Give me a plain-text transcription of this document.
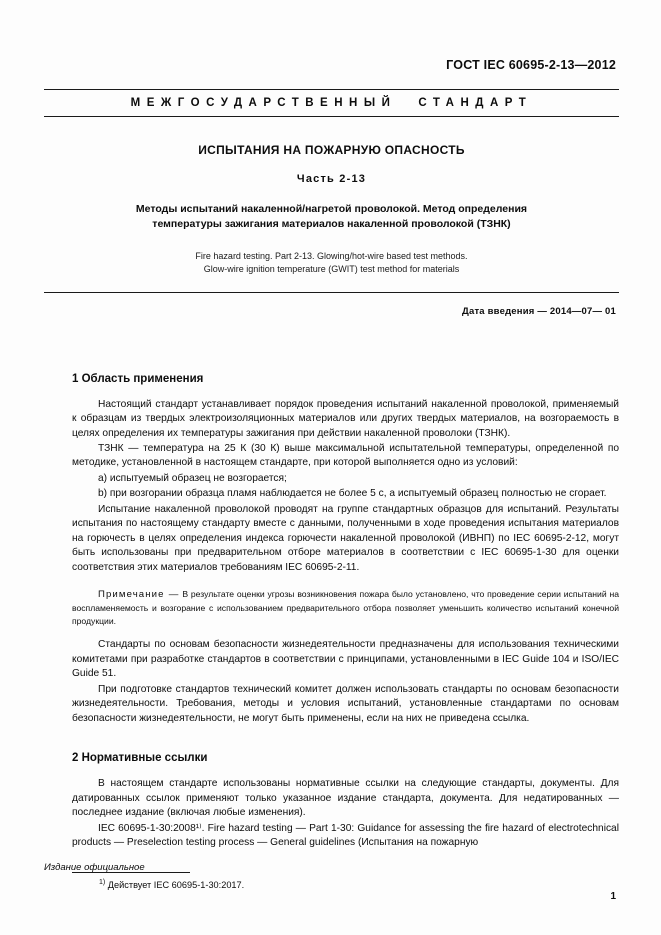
ГОСТ IEC 60695-2-13—2012
МЕЖГОСУДАРСТВЕННЫЙ СТАНДАРТ
ИСПЫТАНИЯ НА ПОЖАРНУЮ ОПАСНОСТЬ
Часть 2-13
Методы испытаний накаленной/нагретой проволокой. Метод определения
температуры зажигания материалов накаленной проволокой (ТЗНК)
Fire hazard testing. Part 2-13. Glowing/hot-wire based test methods.
Glow-wire ignition temperature (GWIT) test method for materials
Дата введения — 2014—07— 01
1 Область применения

Настоящий стандарт устанавливает порядок проведения испытаний накаленной проволокой, применяемый к образцам из твердых электроизоляционных материалов или других твердых материалов, на возгораемость в целях определения их температуры зажигания при действии накаленной проволоки (ТЗНК).

ТЗНК — температура на 25 К (30 К) выше максимальной испытательной температуры, определенной по методике, установленной в настоящем стандарте, при которой выполняется одно из условий:

a) испытуемый образец не возгорается;

b) при возгорании образца пламя наблюдается не более 5 с, а испытуемый образец полностью не сгорает.

Испытание накаленной проволокой проводят на группе стандартных образцов для испытаний. Результаты испытания по настоящему стандарту вместе с данными, полученными в ходе проведения испытания материалов на горючесть в целях определения индекса горючести накаленной проволокой (ИВНП) по IEC 60695-2-12, могут быть использованы при предварительном отборе материалов в соответствии с IEC 60695-1-30 для оценки соответствия этих материалов требованиям IEC 60695-2-11.

Примечание — В результате оценки угрозы возникновения пожара было установлено, что проведение серии испытаний на воспламеняемость и возгорание с использованием предварительного отбора позволяет уменьшить количество испытаний конечной продукции.

Стандарты по основам безопасности жизнедеятельности предназначены для использования техническими комитетами при разработке стандартов в соответствии с принципами, установленными в IEC Guide 104 и ISO/IEC Guide 51.

При подготовке стандартов технический комитет должен использовать стандарты по основам безопасности жизнедеятельности. Требования, методы и условия испытаний, установленные стандартами по основам безопасности жизнедеятельности, не могут быть применены, если на них не приведена ссылка.

2 Нормативные ссылки

В настоящем стандарте использованы нормативные ссылки на следующие стандарты, документы. Для датированных ссылок применяют только указанное издание стандарта, документа. Для недатированных — последнее издание (включая любые изменения).

IEC 60695-1-30:2008¹⁾. Fire hazard testing — Part 1-30: Guidance for assessing the fire hazard of electrotechnical products — Preselection testing process — General guidelines (Испытания на пожарную

$^{1)}$ Действует IEC 60695-1-30:2017.
Издание официальное
1
